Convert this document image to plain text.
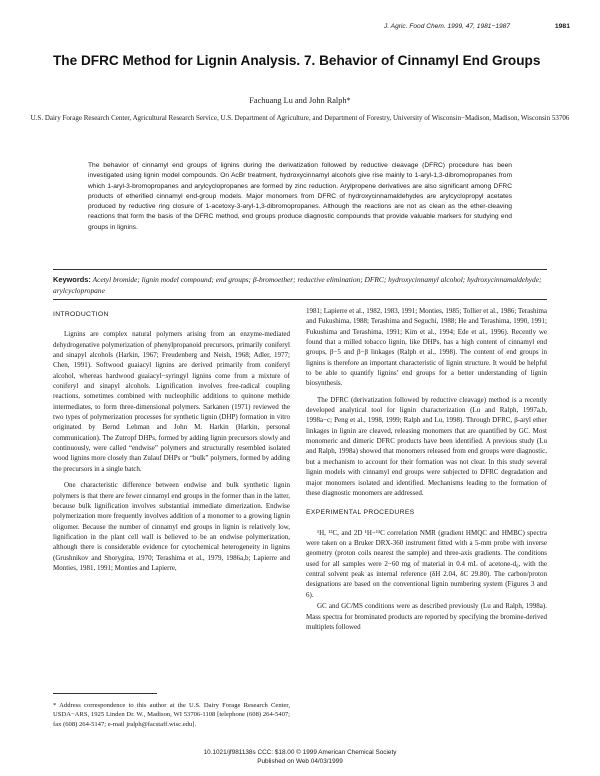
J. Agric. Food Chem. 1999, 47, 1981−1987	1981
The DFRC Method for Lignin Analysis. 7. Behavior of Cinnamyl End Groups
Fachuang Lu and John Ralph*
U.S. Dairy Forage Research Center, Agricultural Research Service, U.S. Department of Agriculture, and Department of Forestry, University of Wisconsin−Madison, Madison, Wisconsin 53706
The behavior of cinnamyl end groups of lignins during the derivatization followed by reductive cleavage (DFRC) procedure has been investigated using lignin model compounds. On AcBr treatment, hydroxycinnamyl alcohols give rise mainly to 1-aryl-1,3-dibromopropanes from which 1-aryl-3-bromopropanes and arylcyclopropanes are formed by zinc reduction. Arylpropene derivatives are also significant among DFRC products of etherified cinnamyl end-group models. Major monomers from DFRC of hydroxycinnamaldehydes are arylcyclopropyl acetates produced by reductive ring closure of 1-acetoxy-3-aryl-1,3-dibromopropanes. Although the reactions are not as clean as the ether-cleaving reactions that form the basis of the DFRC method, end groups produce diagnostic compounds that provide valuable markers for studying end groups in lignins.
Keywords: Acetyl bromide; lignin model compound; end groups; β-bromoether; reductive elimination; DFRC; hydroxycinnamyl alcohol; hydroxycinnamaldehyde; arylcyclopropane
INTRODUCTION

Lignins are complex natural polymers arising from an enzyme-mediated dehydrogenative polymerization of phenylpropanoid precursors, primarily coniferyl and sinapyl alcohols (Harkin, 1967; Freudenberg and Neish, 1968; Adler, 1977; Chen, 1991). Softwood guaiacyl lignins are derived primarily from coniferyl alcohol, whereas hardwood guaiacyl−syringyl lignins come from a mixture of coniferyl and sinapyl alcohols. Lignification involves free-radical coupling reactions, sometimes combined with nucleophilic additions to quinone methide intermediates, to form three-dimensional polymers. Sarkanen (1971) reviewed the two types of polymerization processes for synthetic lignin (DHP) formation in vitro originated by Bernd Lehman and John M. Harkin (Harkin, personal communication). The Zutropf DHPs, formed by adding lignin precursors slowly and continuously, were called “endwise” polymers and structurally resembled isolated wood lignins more closely than Zulauf DHPs or “bulk” polymers, formed by adding the precursors in a single batch.

One characteristic difference between endwise and bulk synthetic lignin polymers is that there are fewer cinnamyl end groups in the former than in the latter, because bulk lignification involves substantial immediate dimerization. Endwise polymerization more frequently involves addition of a monomer to a growing lignin oligomer. Because the number of cinnamyl end groups in lignin is relatively low, lignification in the plant cell wall is believed to be an endwise polymerization, although there is considerable evidence for cytochemical heterogeneity in lignins (Grushnikov and Shorygina, 1970; Terashima et al., 1979, 1986a,b; Lapierre and Monties, 1981, 1991; Monties and Lapierre,

1981; Lapierre et al., 1982, 1983, 1991; Monties, 1985; Tollier et al., 1986; Terashima and Fukushima, 1988; Terashima and Seguchi, 1988; He and Terashima, 1990, 1991; Fukushima and Terashima, 1991; Kim et al., 1994; Ede et al., 1996). Recently we found that a milled tobacco lignin, like DHPs, has a high content of cinnamyl end groups, β−5 and β−β linkages (Ralph et al., 1998). The content of end groups in lignins is therefore an important characteristic of lignin structure. It would be helpful to be able to quantify lignins’ end groups for a better understanding of lignin biosynthesis.

The DFRC (derivatization followed by reductive cleavage) method is a recently developed analytical tool for lignin characterization (Lu and Ralph, 1997a,b, 1998a−c; Peng et al., 1998, 1999; Ralph and Lu, 1998). Through DFRC, β-aryl ether linkages in lignin are cleaved, releasing monomers that are quantified by GC. Most monomeric and dimeric DFRC products have been identified. A previous study (Lu and Ralph, 1998a) showed that monomers released from end groups were diagnostic, but a mechanism to account for their formation was not clear. In this study several lignin models with cinnamyl end groups were subjected to DFRC degradation and major monomers isolated and identified. Mechanisms leading to the formation of these diagnostic monomers are addressed.

EXPERIMENTAL PROCEDURES

¹H, ¹³C, and 2D ¹H−¹³C correlation NMR (gradient HMQC and HMBC) spectra were taken on a Bruker DRX-360 instrument fitted with a 5-mm probe with inverse geometry (proton coils nearest the sample) and three-axis gradients. The conditions used for all samples were 2−60 mg of material in 0.4 mL of acetone-d₆, with the central solvent peak as internal reference (δH 2.04, δC 29.80). The carbon/proton designations are based on the conventional lignin numbering system (Figures 3 and 6).

GC and GC/MS conditions were as described previously (Lu and Ralph, 1998a). Mass spectra for brominated products are reported by specifying the bromine-derived multiplets followed

* Address correspondence to this author at the U.S. Dairy Forage Research Center, USDA−ARS, 1925 Linden Dr. W., Madison, WI 53706-1108 [telephone (608) 264-5407; fax (608) 264-5147; e-mail jralph@facstaff.wisc.edu].
10.1021/jf981138s CCC: $18.00 © 1999 American Chemical Society
Published on Web 04/03/1999
